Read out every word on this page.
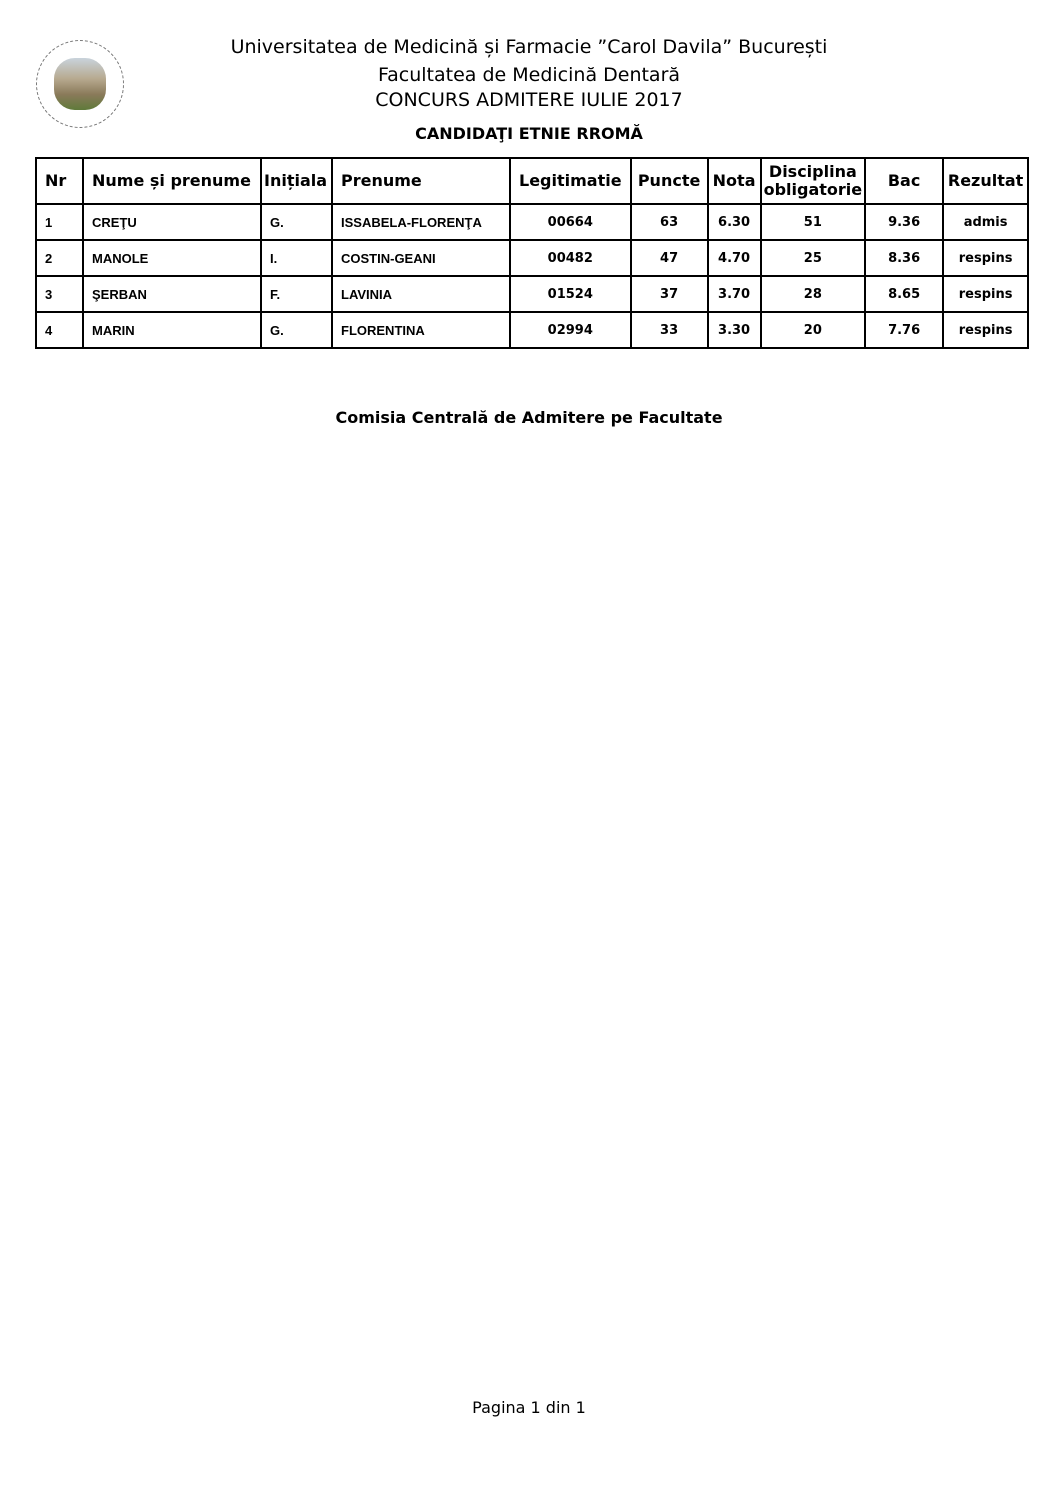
Universitatea de Medicină și Farmacie ”Carol Davila” București
Facultatea de Medicină Dentară
CONCURS ADMITERE IULIE 2017
CANDIDAŢI ETNIE RROMĂ
Nr	Nume și prenume	Inițiala	Prenume	Legitimatie	Puncte	Nota	Disciplina obligatorie	Bac	Rezultat
1	CREŢU	G.	ISSABELA-FLORENŢA	00664	63	6.30	51	9.36	admis
2	MANOLE	I.	COSTIN-GEANI	00482	47	4.70	25	8.36	respins
3	ŞERBAN	F.	LAVINIA	01524	37	3.70	28	8.65	respins
4	MARIN	G.	FLORENTINA	02994	33	3.30	20	7.76	respins
Comisia Centrală de Admitere pe Facultate
Pagina 1 din 1
